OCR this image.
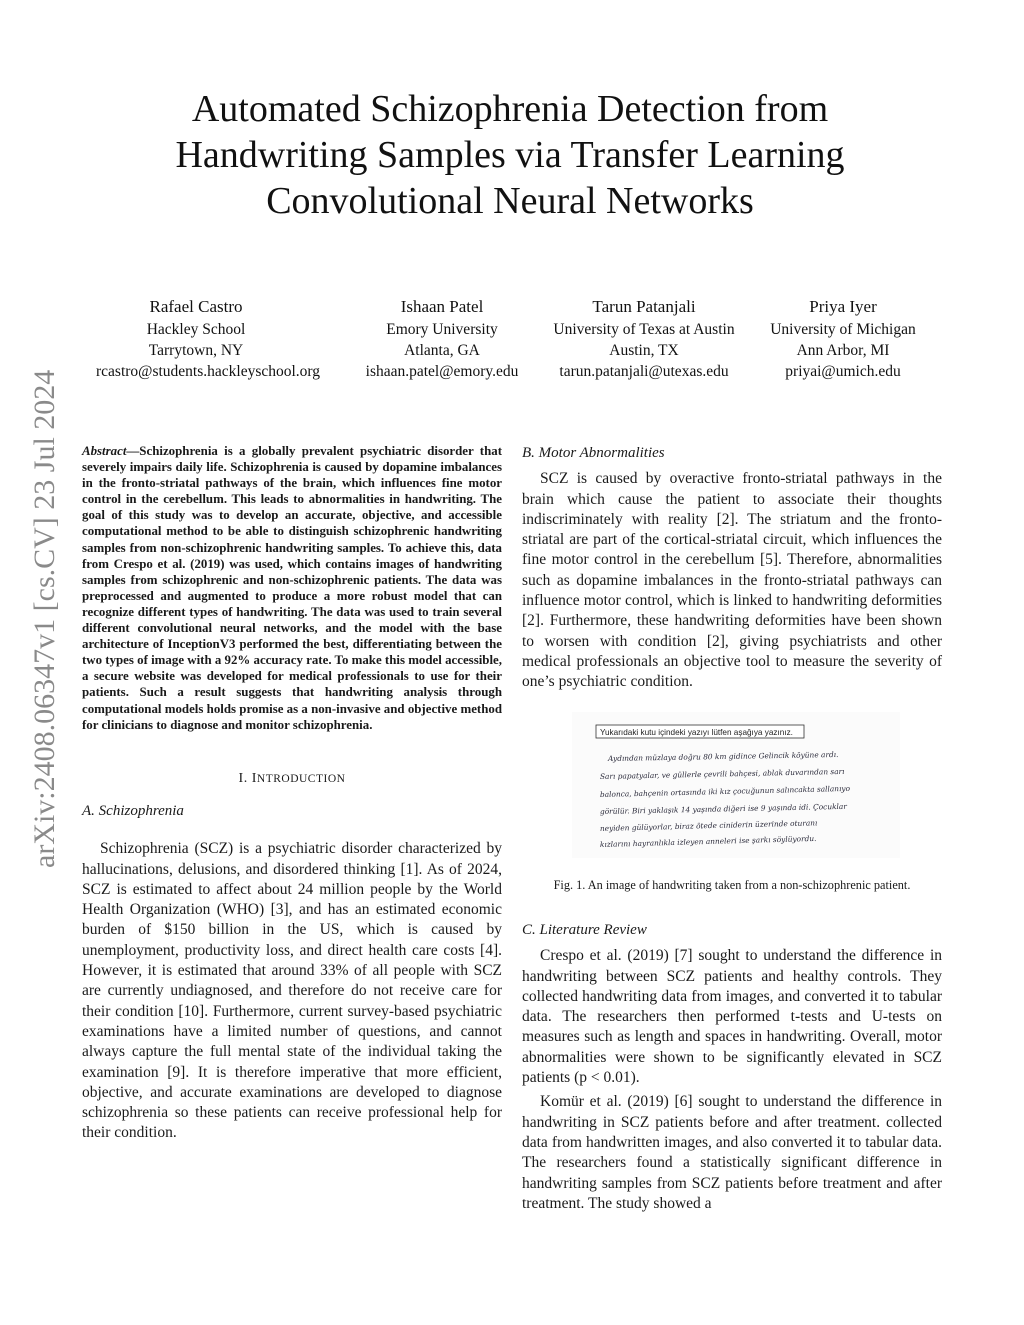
arXiv:2408.06347v1 [cs.CV] 23 Jul 2024
Automated Schizophrenia Detection from
Handwriting Samples via Transfer Learning
Convolutional Neural Networks
Rafael Castro
Hackley School
Tarrytown, NY
rcastro@students.hackleyschool.org
Ishaan Patel
Emory University
Atlanta, GA
ishaan.patel@emory.edu
Tarun Patanjali
University of Texas at Austin
Austin, TX
tarun.patanjali@utexas.edu
Priya Iyer
University of Michigan
Ann Arbor, MI
priyai@umich.edu
Abstract—Schizophrenia is a globally prevalent psychiatric disorder that severely impairs daily life. Schizophrenia is caused by dopamine imbalances in the fronto-striatal pathways of the brain, which influences fine motor control in the cerebellum. This leads to abnormalities in handwriting. The goal of this study was to develop an accurate, objective, and accessible computational method to be able to distinguish schizophrenic handwriting samples from non-schizophrenic handwriting samples. To achieve this, data from Crespo et al. (2019) was used, which contains images of handwriting samples from schizophrenic and non-schizophrenic patients. The data was preprocessed and augmented to produce a more robust model that can recognize different types of handwriting. The data was used to train several different convolutional neural networks, and the model with the base architecture of InceptionV3 performed the best, differentiating between the two types of image with a 92% accuracy rate. To make this model accessible, a secure website was developed for medical professionals to use for their patients. Such a result suggests that handwriting analysis through computational models holds promise as a non-invasive and objective method for clinicians to diagnose and monitor schizophrenia.
I. INTRODUCTION
A. Schizophrenia

Schizophrenia (SCZ) is a psychiatric disorder characterized by hallucinations, delusions, and disordered thinking [1]. As of 2024, SCZ is estimated to affect about 24 million people by the World Health Organization (WHO) [3], and has an estimated economic burden of $150 billion in the US, which is caused by unemployment, productivity loss, and direct health care costs [4]. However, it is estimated that around 33% of all people with SCZ are currently undiagnosed, and therefore do not receive care for their condition [10]. Furthermore, current survey-based psychiatric examinations have a limited number of questions, and cannot always capture the full mental state of the individual taking the examination [9]. It is therefore imperative that more efficient, objective, and accurate examinations are developed to diagnose schizophrenia so these patients can receive professional help for their condition.

B. Motor Abnormalities

SCZ is caused by overactive fronto-striatal pathways in the brain which cause the patient to associate their thoughts indiscriminately with reality [2]. The striatum and the fronto-striatal are part of the cortical-striatal circuit, which influences the fine motor control in the cerebellum [5]. Therefore, abnormalities such as dopamine imbalances in the fronto-striatal pathways can influence motor control, which is linked to handwriting deformities [2]. Furthermore, these handwriting deformities have been shown to worsen with condition [2], giving psychiatrists and other medical professionals an objective tool to measure the severity of one’s psychiatric condition.

Yukarıdaki kutu içindeki yazıyı lütfen aşağıya yazınız.
Aydından müzlaya doğru 80 km gidince Gelincik köyüne ardı.
Sarı papatyalar, ve güllerle çevrili bahçesi, ablak duvarından sarı
balonca, bahçenin ortasında iki kız çocuğunun salıncakta sallanıyo
görülür. Biri yaklaşık 14 yaşında diğeri ise 9 yaşında idi. Çocuklar
neyiden gülüyorlar, biraz ötede ciniderin üzerinde oturanı
kızlarını hayranlıkla izleyen anneleri ise şarkı söylüyordu.
Fig. 1. An image of handwriting taken from a non-schizophrenic patient.
C. Literature Review

Crespo et al. (2019) [7] sought to understand the difference in handwriting between SCZ patients and healthy controls. They collected handwriting data from images, and converted it to tabular data. The researchers then performed t-tests and U-tests on measures such as length and spaces in handwriting. Overall, motor abnormalities were shown to be significantly elevated in SCZ patients (p < 0.01).

Komür et al. (2019) [6] sought to understand the difference in handwriting in SCZ patients before and after treatment. collected data from handwritten images, and also converted it to tabular data. The researchers found a statistically significant difference in handwriting samples from SCZ patients before treatment and after treatment. The study showed a
